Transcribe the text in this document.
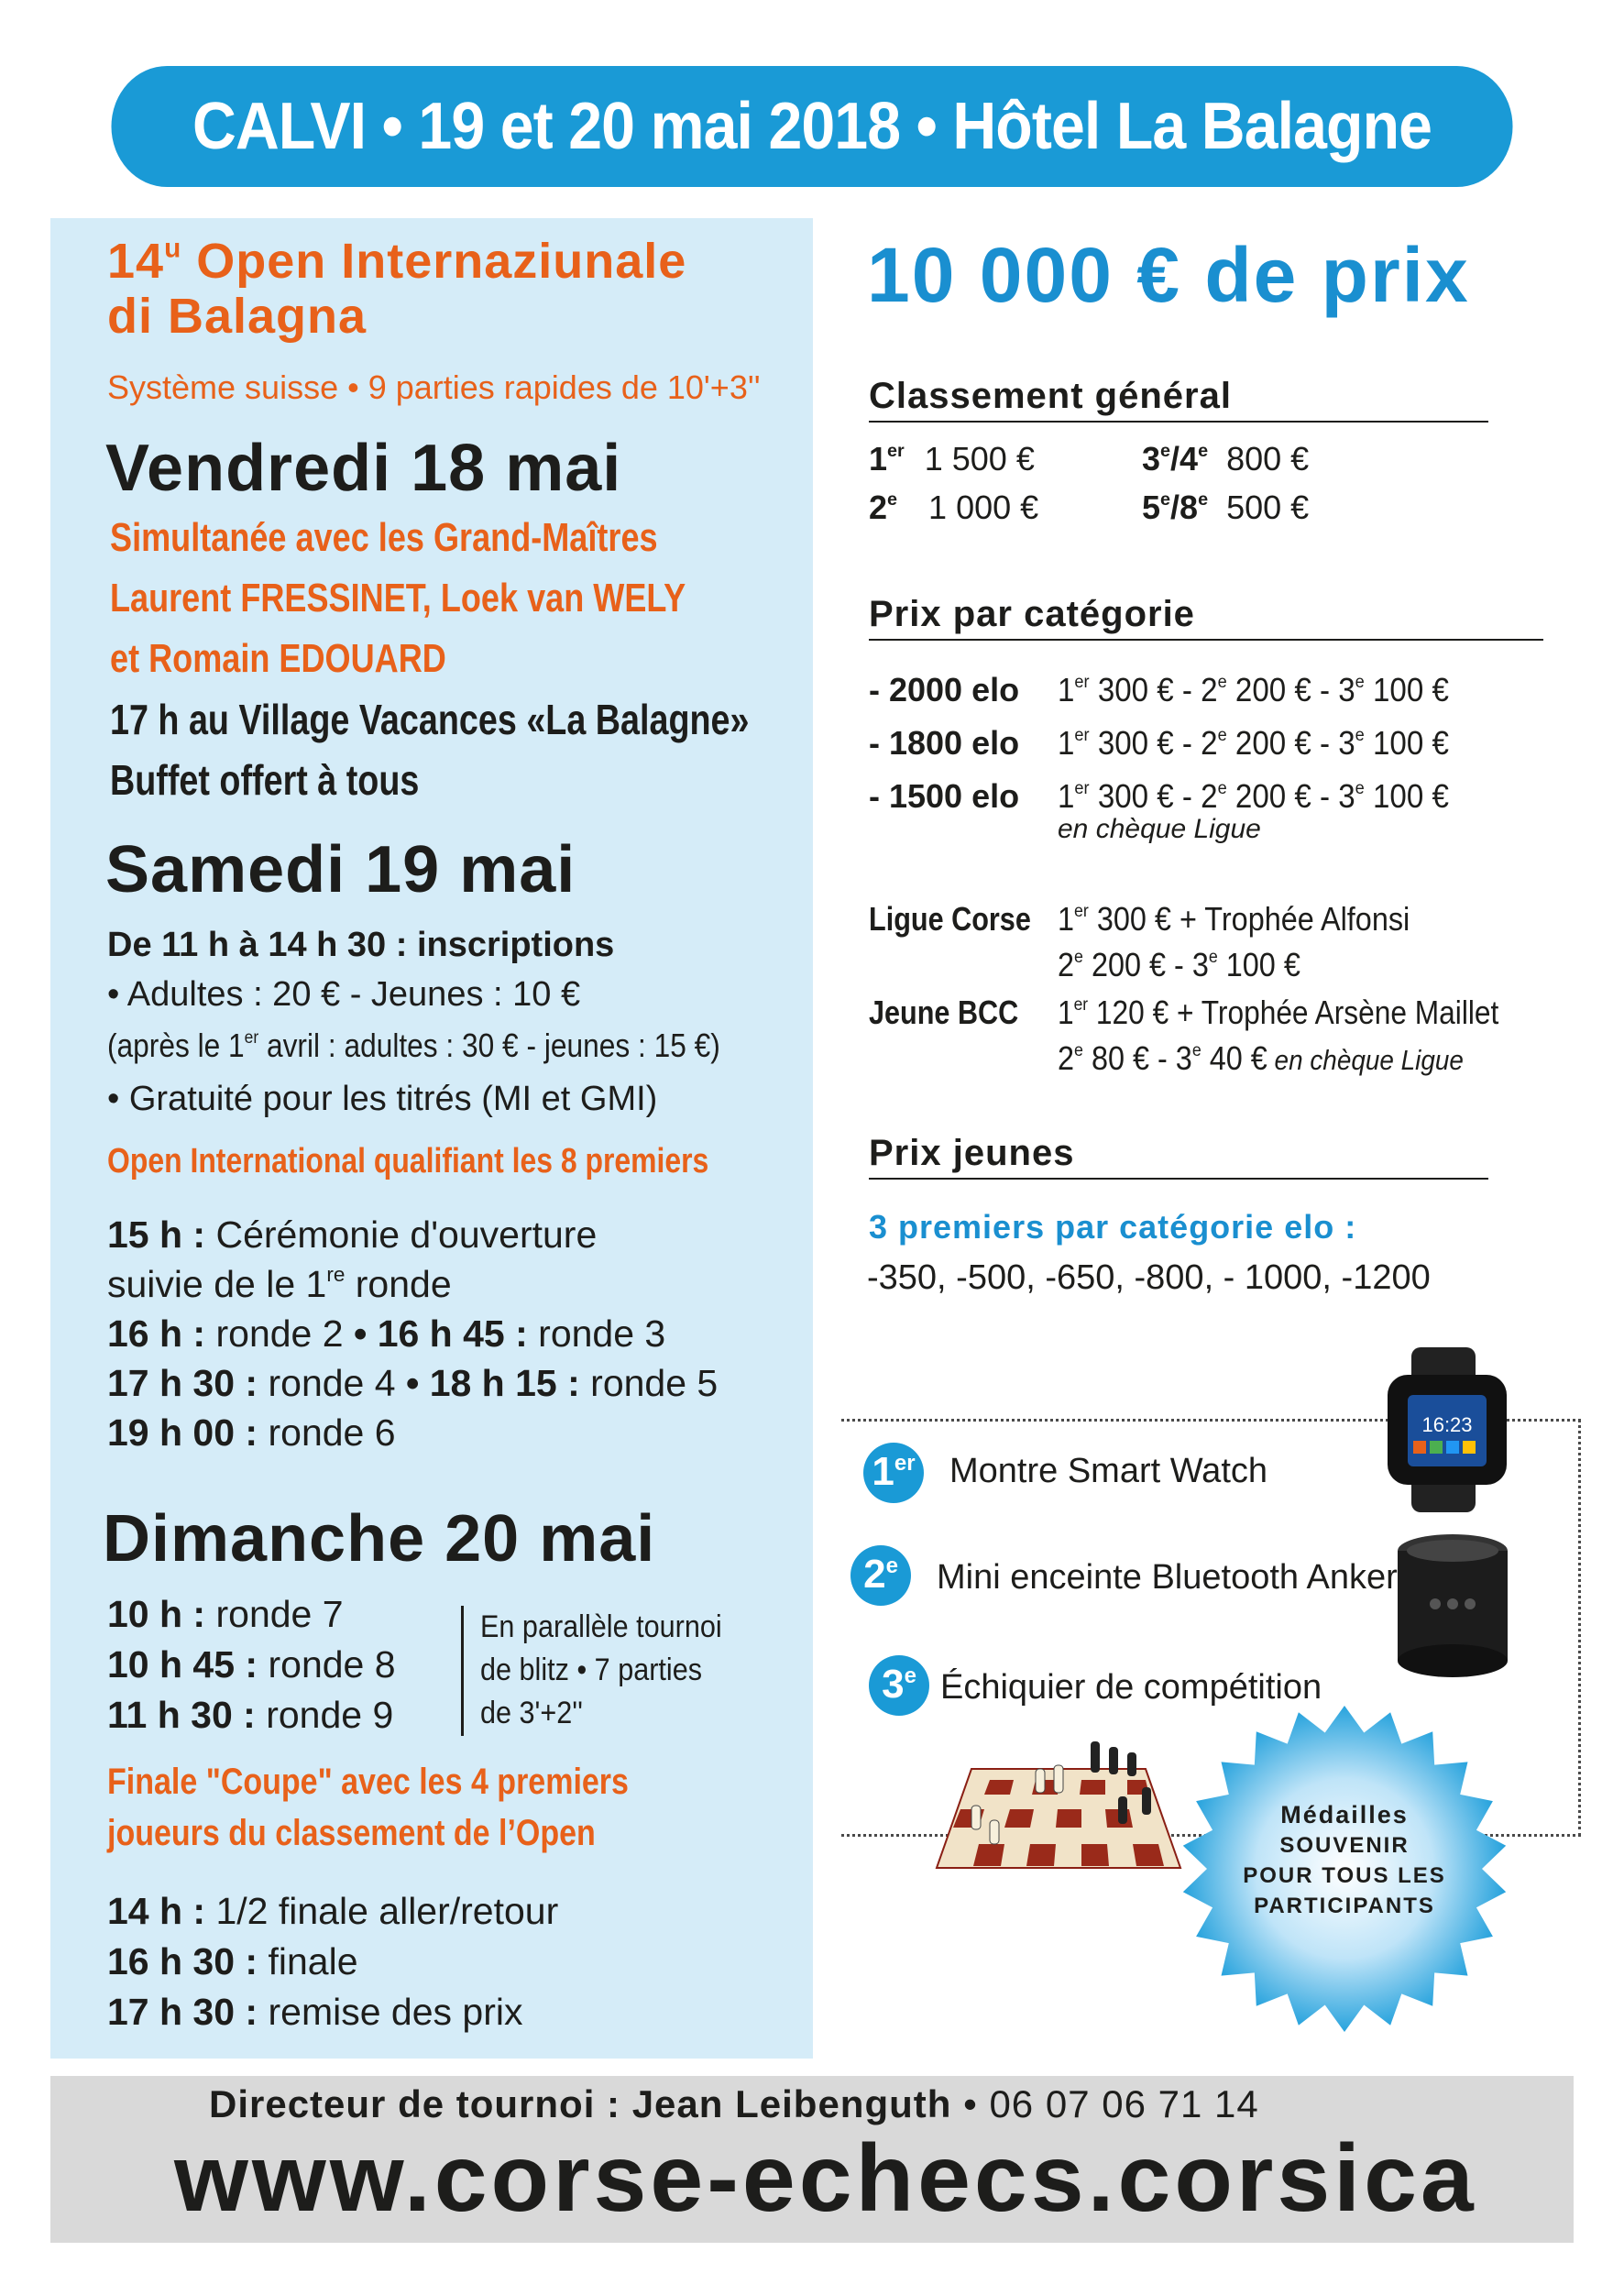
CALVI • 19 et 20 mai 2018 • Hôtel La Balagne
14$^u$ Open Internaziunale
di Balagna
Système suisse • 9 parties rapides de 10'+3''
Vendredi 18 mai
Simultanée avec les Grand-Maîtres
Laurent FRESSINET, Loek van WELY
et Romain EDOUARD
17 h au Village Vacances «La Balagne»
Buffet offert à tous
Samedi 19 mai
De 11 h à 14 h 30 : inscriptions
• Adultes : 20 € - Jeunes : 10 €
(après le 1er avril : adultes : 30 € - jeunes : 15 €)
• Gratuité pour les titrés (MI et GMI)
Open International qualifiant les 8 premiers
15 h : Cérémonie d'ouverture
suivie de le 1re ronde
16 h : ronde 2 • 16 h 45 : ronde 3
17 h 30 : ronde 4 • 18 h 15 : ronde 5
19 h 00 : ronde 6
Dimanche 20 mai
10 h : ronde 7
10 h 45 : ronde 8
11 h 30 : ronde 9
En parallèle tournoi
de blitz • 7 parties
de 3'+2''
Finale "Coupe" avec les 4 premiers
joueurs du classement de l’Open
14 h : 1/2 finale aller/retour
16 h 30 : finale
17 h 30 : remise des prix
10 000 € de prix
Classement général
1er 1 500 €
2e 1 000 €
3e/4e 800 €
5e/8e 500 €
Prix par catégorie
- 2000 elo 1er 300 € - 2e 200 € - 3e 100 €
- 1800 elo 1er 300 € - 2e 200 € - 3e 100 €
- 1500 elo 1er 300 € - 2e 200 € - 3e 100 €
en chèque Ligue
Ligue Corse 1er 300 € + Trophée Alfonsi
2e 200 € - 3e 100 €
Jeune BCC 1er 120 € + Trophée Arsène Maillet
2e 80 € - 3e 40 € en chèque Ligue
Prix jeunes
3 premiers par catégorie elo :
-350, -500, -650, -800, - 1000, -1200
1er Montre Smart Watch
16:23
2e	Mini enceinte Bluetooth Anker
3e Échiquier de compétition
Médailles
SOUVENIR
POUR TOUS LES
PARTICIPANTS
Directeur de tournoi : Jean Leibenguth • 06 07 06 71 14
www.corse-echecs.corsica
